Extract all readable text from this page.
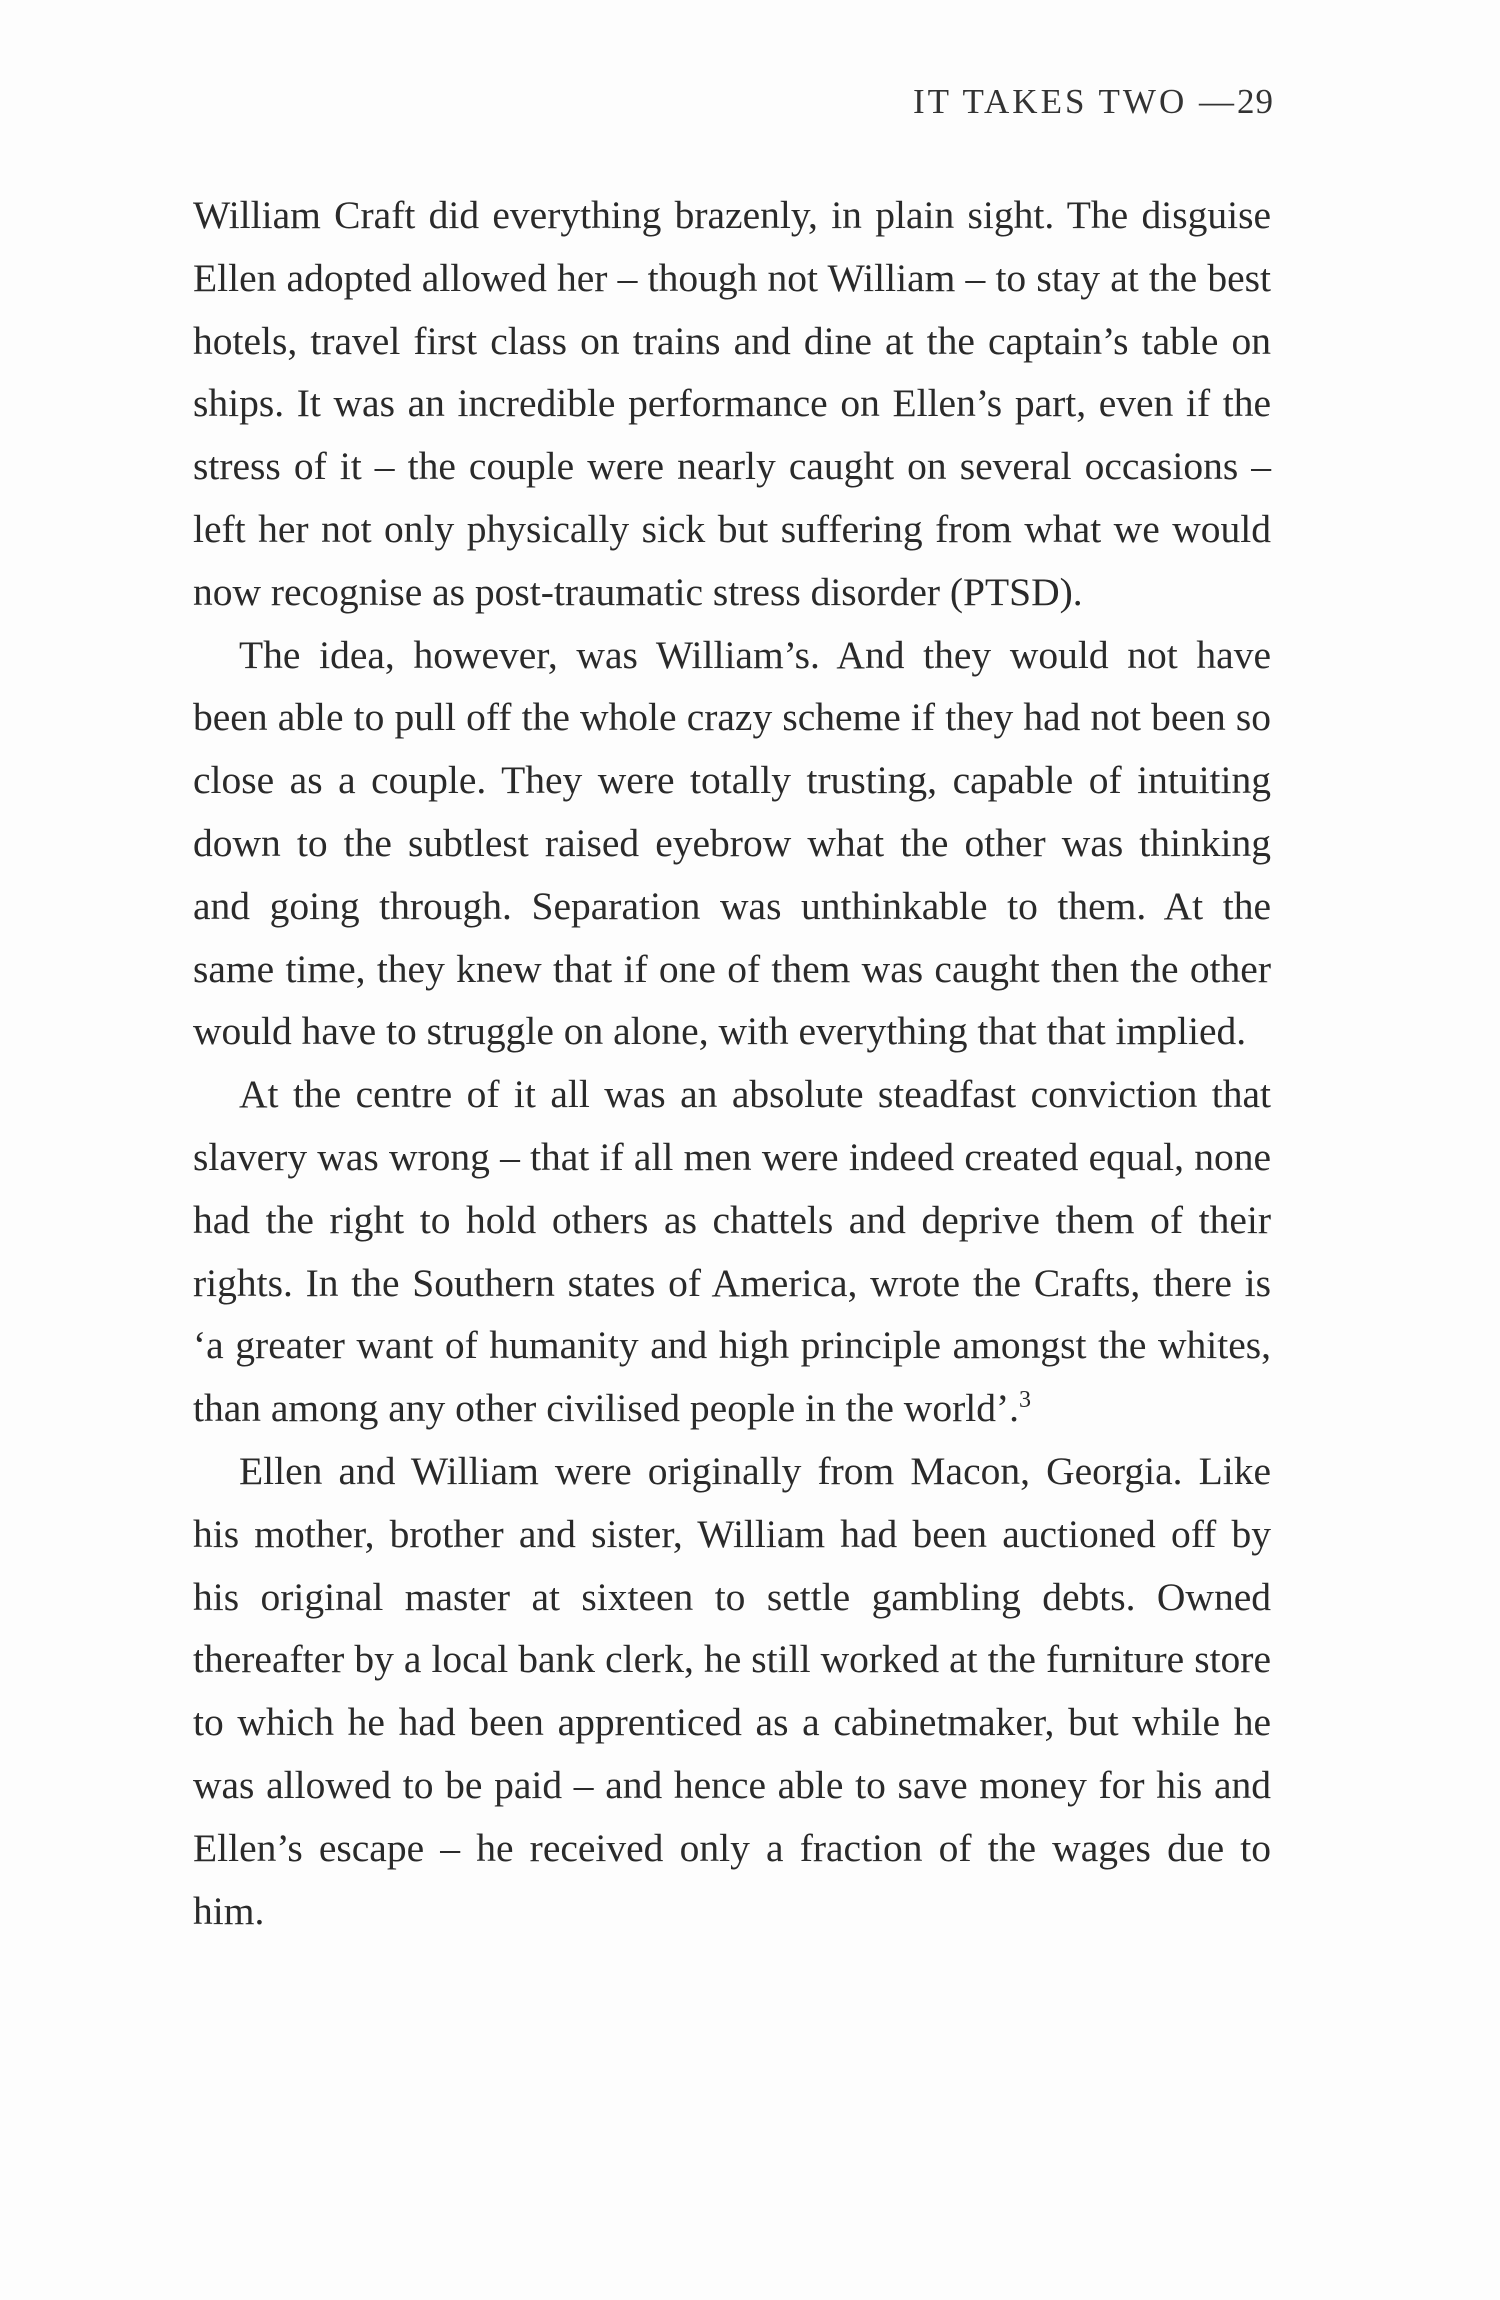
IT TAKES TWO —29

William Craft did everything brazenly, in plain sight. The disguise Ellen adopted allowed her – though not William – to stay at the best hotels, travel first class on trains and dine at the captain’s table on ships. It was an incredible performance on Ellen’s part, even if the stress of it – the couple were nearly caught on several occasions – left her not only physically sick but suffering from what we would now recognise as post-traumatic stress disorder (PTSD).

The idea, however, was William’s. And they would not have been able to pull off the whole crazy scheme if they had not been so close as a couple. They were totally trusting, capable of intuiting down to the subtlest raised eyebrow what the other was thinking and going through. Separation was unthinkable to them. At the same time, they knew that if one of them was caught then the other would have to struggle on alone, with everything that that implied.

At the centre of it all was an absolute steadfast conviction that slavery was wrong – that if all men were indeed created equal, none had the right to hold others as chattels and deprive them of their rights. In the Southern states of America, wrote the Crafts, there is ‘a greater want of humanity and high principle amongst the whites, than among any other civilised people in the world’.$^3$

Ellen and William were originally from Macon, Georgia. Like his mother, brother and sister, William had been auctioned off by his original master at sixteen to settle gambling debts. Owned thereafter by a local bank clerk, he still worked at the furniture store to which he had been apprenticed as a cabinetmaker, but while he was allowed to be paid – and hence able to save money for his and Ellen’s escape – he received only a fraction of the wages due to him.
